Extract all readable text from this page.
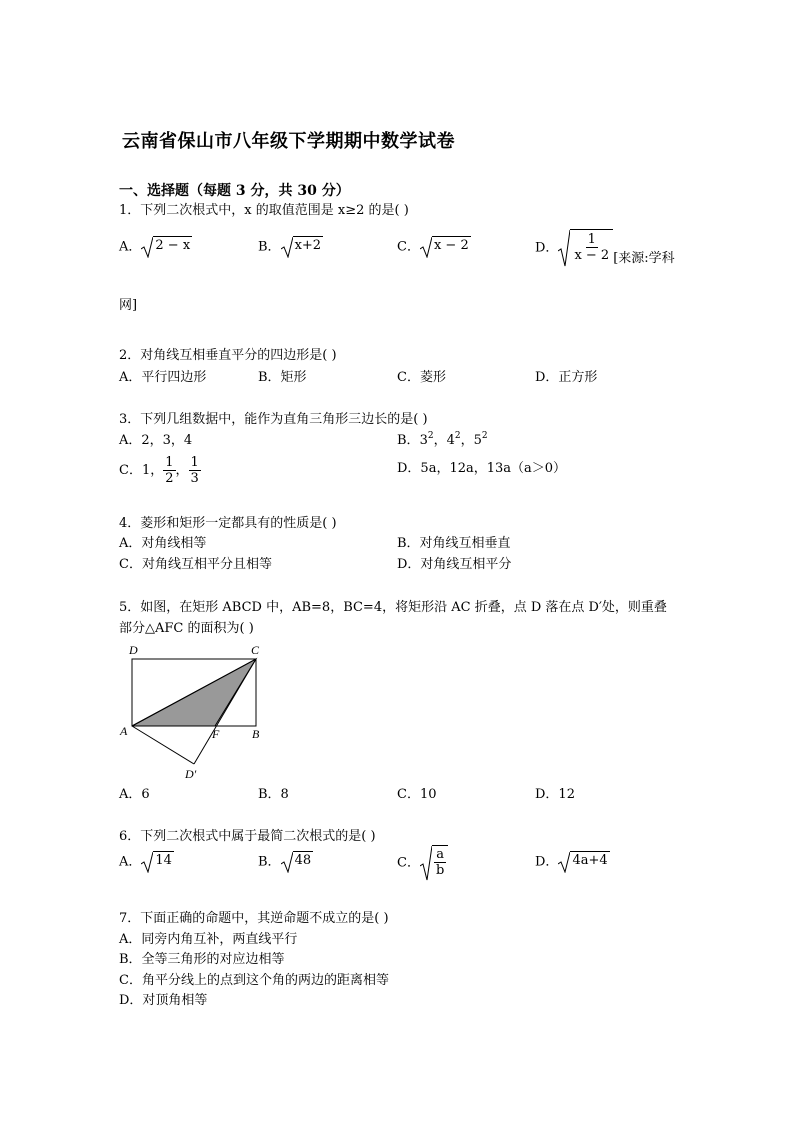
云南省保山市八年级下学期期中数学试卷
一、选择题（每题 3 分，共 30 分）
1．下列二次根式中，x 的取值范围是 x≥2 的是( )
A． 2 − x	B． x+2	C． x − 2	D． $\frac{1}{x - 2}$ [来源:学科
网]
2．对角线互相垂直平分的四边形是( )
A．平行四边形	B．矩形	C．菱形	D．正方形
3．下列几组数据中，能作为直角三角形三边长的是( )
A．2，3，4	B．$3^2$，$4^2$，$5^2$
C．1， $\frac{1}{2}$ ， $\frac{1}{3}$	D．5a，12a，13a（a＞0）
4．菱形和矩形一定都具有的性质是( )
A．对角线相等	B．对角线互相垂直
C．对角线互相平分且相等	D．对角线互相平分
5．如图，在矩形 ABCD 中，AB=8，BC=4，将矩形沿 AC 折叠，点 D 落在点 D′处，则重叠
部分△AFC 的面积为( )
D	C
A	F	B
D′
A．6	B．8	C．10	D．12
6．下列二次根式中属于最简二次根式的是( )
A． 14	B． 48	C． $\frac{a}{b}$	D． 4a+4
7．下面正确的命题中，其逆命题不成立的是( )
A．同旁内角互补，两直线平行
B．全等三角形的对应边相等
C．角平分线上的点到这个角的两边的距离相等
D．对顶角相等
